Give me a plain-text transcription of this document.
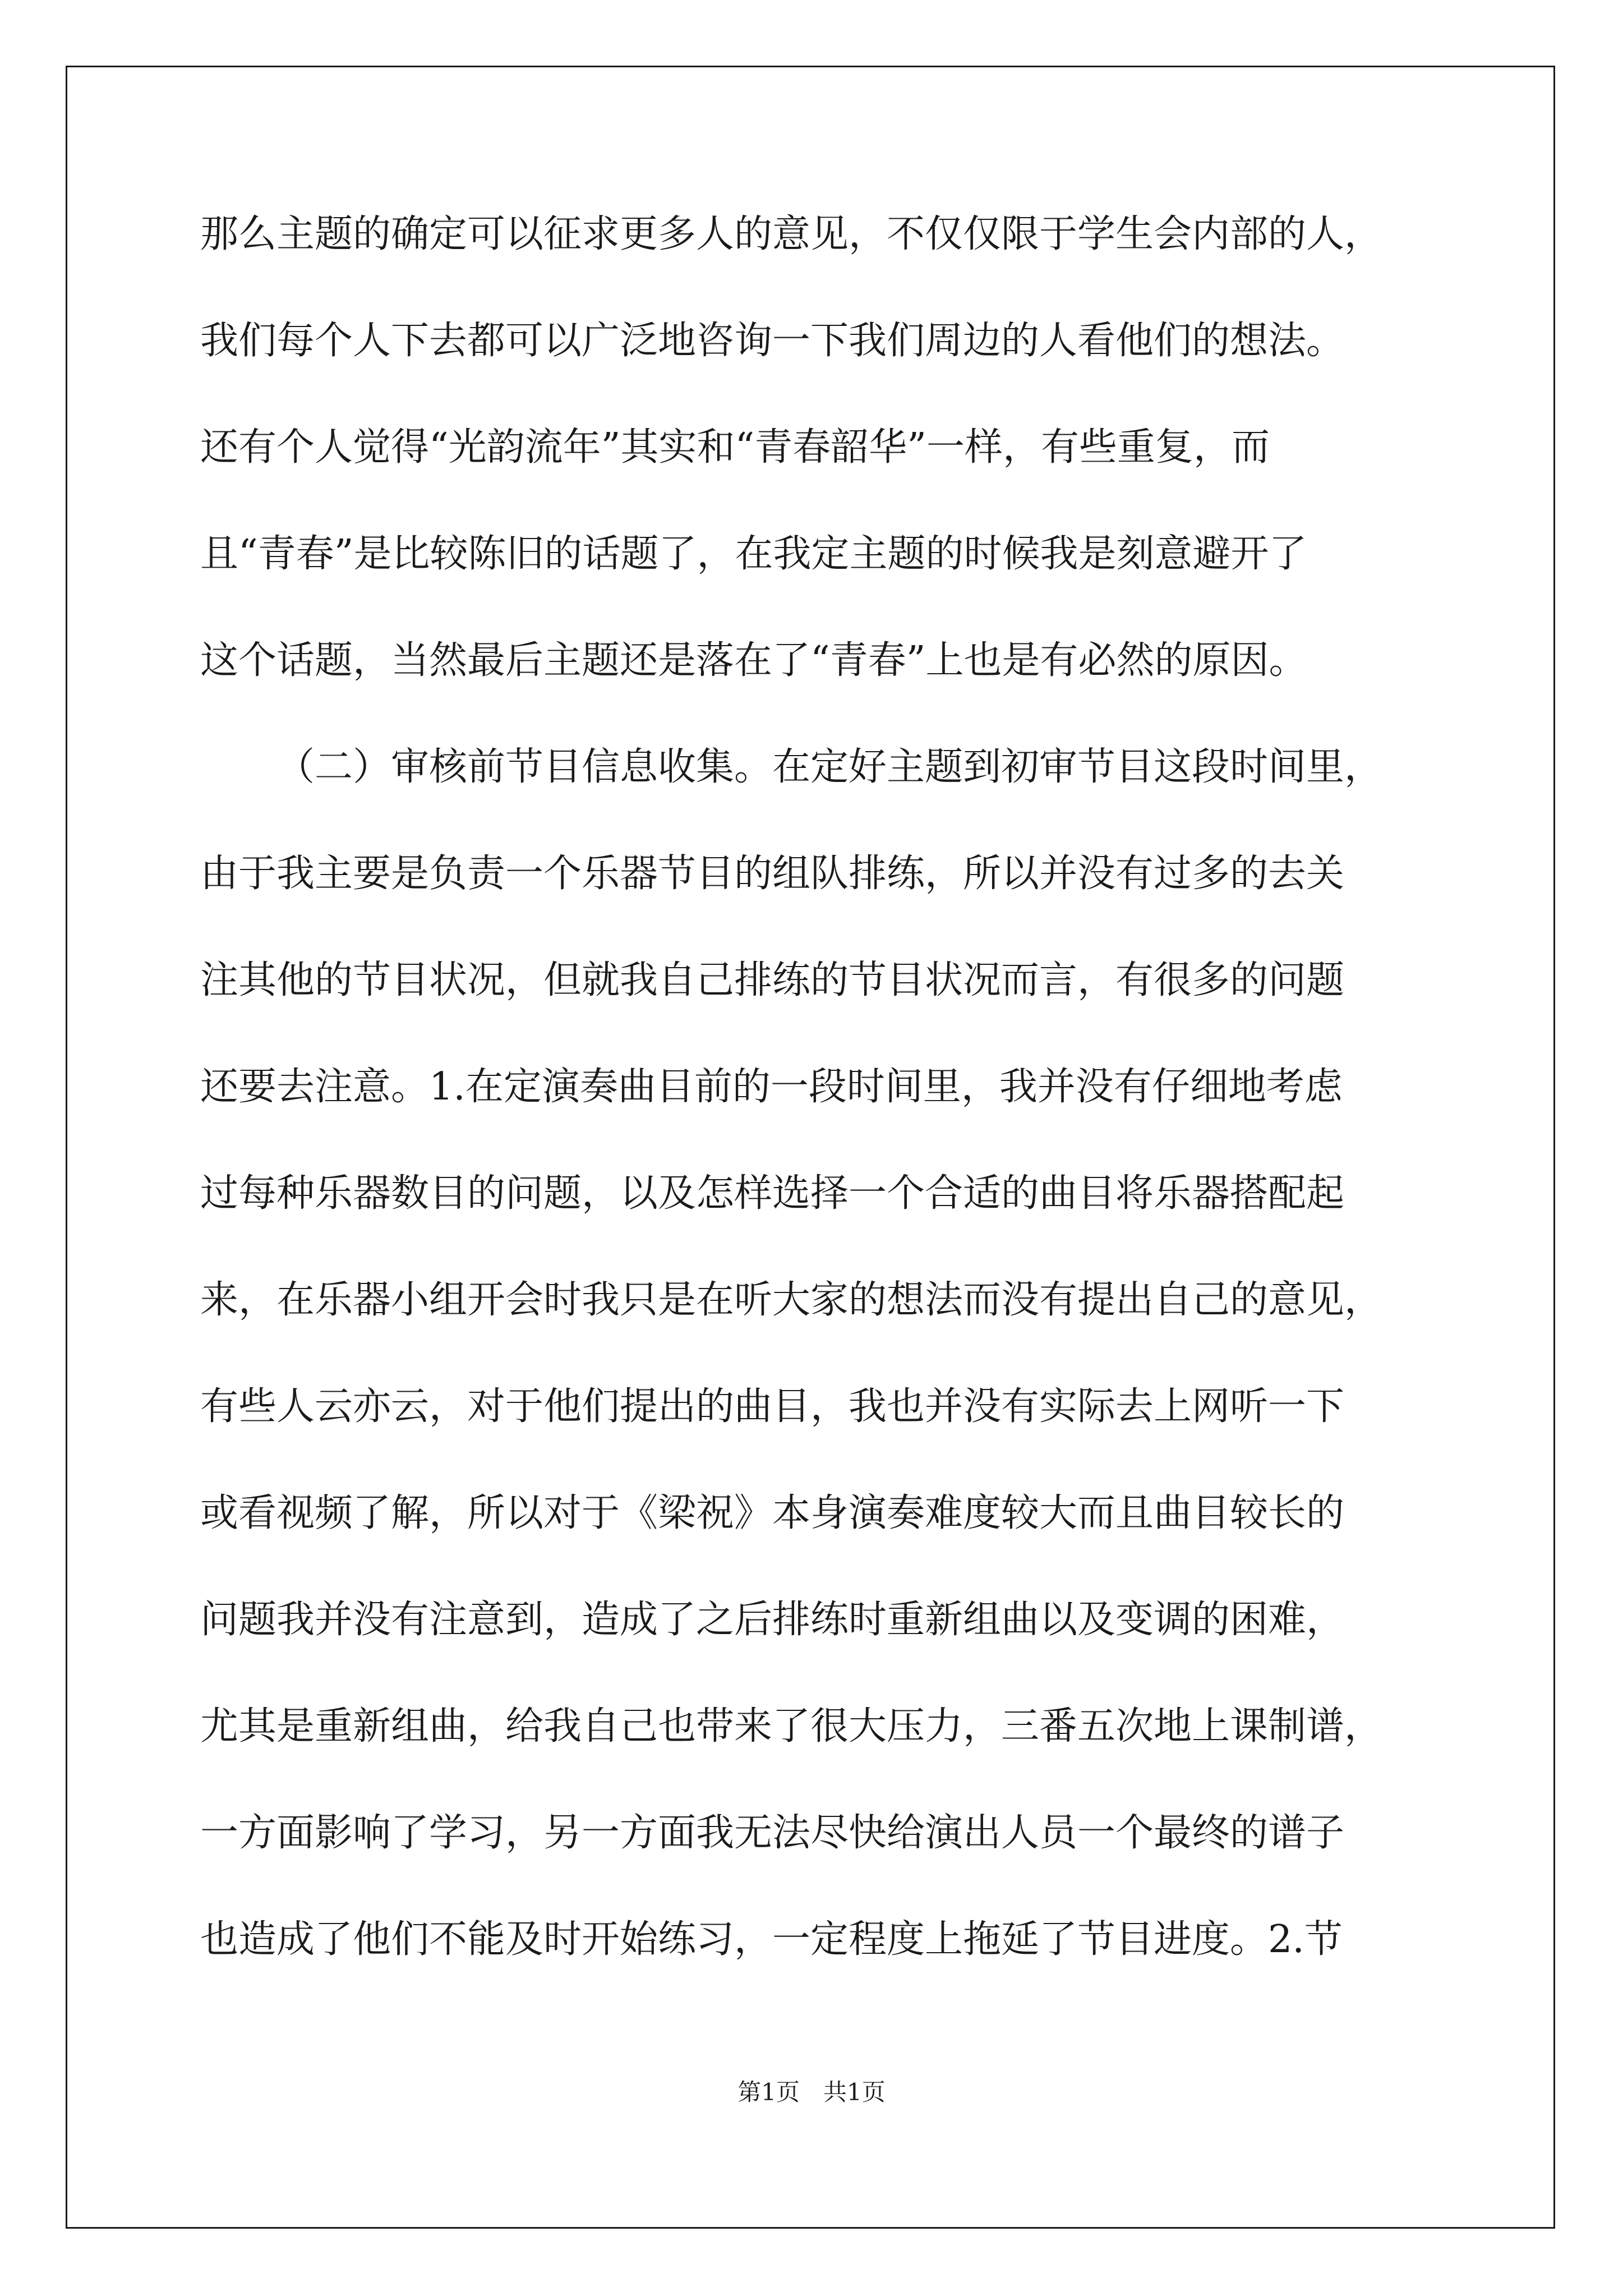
那么主题的确定可以征求更多人的意见，不仅仅限于学生会内部的人，
我们每个人下去都可以广泛地咨询一下我们周边的人看他们的想法。
还有个人觉得“光韵流年”其实和“青春韶华”一样，有些重复，而
且“青春”是比较陈旧的话题了，在我定主题的时候我是刻意避开了
这个话题，当然最后主题还是落在了“青春”上也是有必然的原因。
（二）审核前节目信息收集。在定好主题到初审节目这段时间里，
由于我主要是负责一个乐器节目的组队排练，所以并没有过多的去关
注其他的节目状况，但就我自己排练的节目状况而言，有很多的问题
还要去注意。1.在定演奏曲目前的一段时间里，我并没有仔细地考虑
过每种乐器数目的问题，以及怎样选择一个合适的曲目将乐器搭配起
来，在乐器小组开会时我只是在听大家的想法而没有提出自己的意见，
有些人云亦云，对于他们提出的曲目，我也并没有实际去上网听一下
或看视频了解，所以对于《梁祝》本身演奏难度较大而且曲目较长的
问题我并没有注意到，造成了之后排练时重新组曲以及变调的困难，
尤其是重新组曲，给我自己也带来了很大压力，三番五次地上课制谱，
一方面影响了学习，另一方面我无法尽快给演出人员一个最终的谱子
也造成了他们不能及时开始练习，一定程度上拖延了节目进度。2.节
第1页　共1页
